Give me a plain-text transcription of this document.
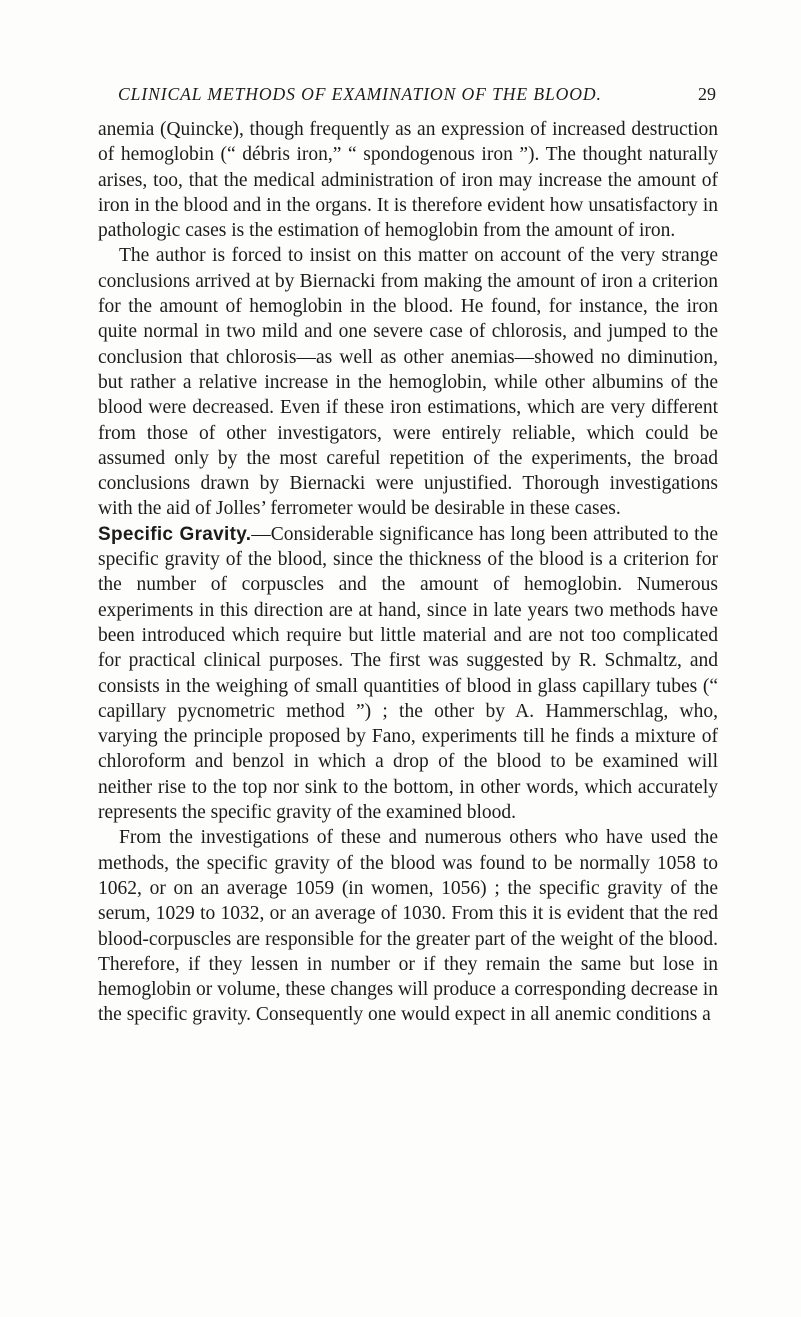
CLINICAL METHODS OF EXAMINATION OF THE BLOOD.	29

anemia (Quincke), though frequently as an expression of increased destruction of hemoglobin (“ débris iron,” “ spondogenous iron ”). The thought naturally arises, too, that the medical administration of iron may increase the amount of iron in the blood and in the organs. It is therefore evident how unsatisfactory in pathologic cases is the estimation of hemoglobin from the amount of iron.

The author is forced to insist on this matter on account of the very strange conclusions arrived at by Biernacki from making the amount of iron a criterion for the amount of hemoglobin in the blood. He found, for instance, the iron quite normal in two mild and one severe case of chlorosis, and jumped to the conclusion that chlorosis—as well as other anemias—showed no diminution, but rather a relative increase in the hemoglobin, while other albumins of the blood were decreased. Even if these iron estimations, which are very different from those of other investigators, were entirely reliable, which could be assumed only by the most careful repetition of the experiments, the broad conclusions drawn by Biernacki were unjustified. Thorough investigations with the aid of Jolles’ ferrometer would be desirable in these cases.

Specific Gravity.—Considerable significance has long been attributed to the specific gravity of the blood, since the thickness of the blood is a criterion for the number of corpuscles and the amount of hemoglobin. Numerous experiments in this direction are at hand, since in late years two methods have been introduced which require but little material and are not too complicated for practical clinical purposes. The first was suggested by R. Schmaltz, and consists in the weighing of small quantities of blood in glass capillary tubes (“ capillary pycnometric method ”) ; the other by A. Hammerschlag, who, varying the principle proposed by Fano, experiments till he finds a mixture of chloroform and benzol in which a drop of the blood to be examined will neither rise to the top nor sink to the bottom, in other words, which accurately represents the specific gravity of the examined blood.

From the investigations of these and numerous others who have used the methods, the specific gravity of the blood was found to be normally 1058 to 1062, or on an average 1059 (in women, 1056) ; the specific gravity of the serum, 1029 to 1032, or an average of 1030. From this it is evident that the red blood-corpuscles are responsible for the greater part of the weight of the blood. Therefore, if they lessen in number or if they remain the same but lose in hemoglobin or volume, these changes will produce a corresponding decrease in the specific gravity. Consequently one would expect in all anemic conditions a
